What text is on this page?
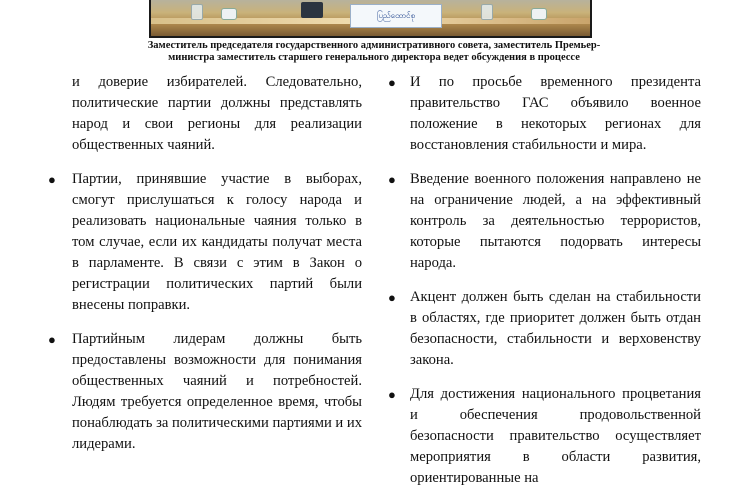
ပြည်ထောင်စု
Заместитель председателя государственного административного совета, заместитель Премьер-
министра заместитель старшего генерального директора ведет обсуждения в процессе

и доверие избирателей. Следовательно, политические партии должны представлять народ и свои регионы для реализации общественных чаяний.

●	Партии, принявшие участие в выборах, смогут прислушаться к голосу народа и реализовать национальные чаяния только в том случае, если их кандидаты получат места в парламенте. В связи с этим в Закон о регистрации политических партий были внесены поправки.

●	Партийным лидерам должны быть предоставлены возможности для понимания общественных чаяний и потребностей. Людям требуется определенное время, чтобы понаблюдать за политическими партиями и их лидерами.

● И по просьбе временного президента правительство ГАС объявило военное положение в некоторых регионах для восстановления стабильности и мира.

● Введение военного положения направлено не на ограничение людей, а на эффективный контроль за деятельностью террористов, которые пытаются подорвать интересы народа.

● Акцент должен быть сделан на стабильности в областях, где приоритет должен быть отдан безопасности, стабильности и верховенству закона.

● Для достижения национального процветания и обеспечения продовольственной безопасности правительство осуществляет мероприятия в области развития, ориентированные на
